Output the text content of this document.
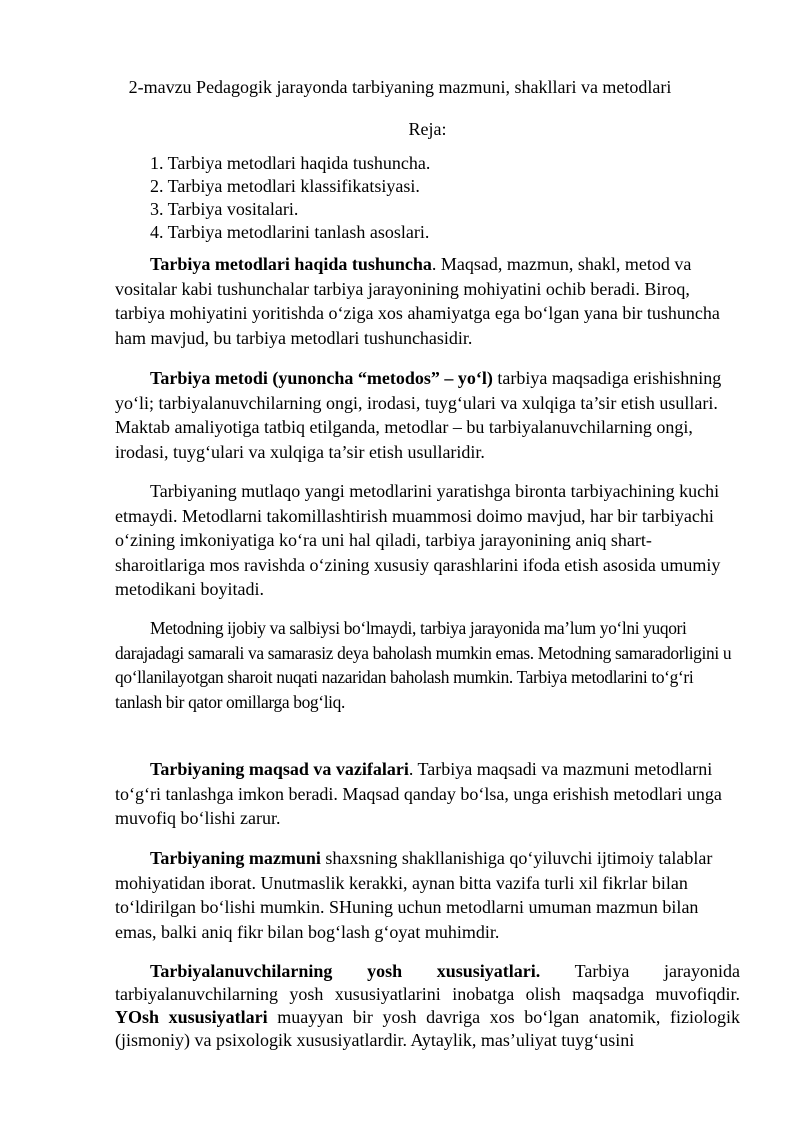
2-mavzu Pedagogik jarayonda tarbiyaning mazmuni, shakllari va metodlari

Reja:

1. Tarbiya metodlari haqida tushuncha.
2. Tarbiya metodlari klassifikatsiyasi.
3. Tarbiya vositalari.
4. Tarbiya metodlarini tanlash asoslari.

Tarbiya metodlari haqida tushuncha. Maqsad, mazmun, shakl, metod va vositalar kabi tushunchalar tarbiya jarayonining mohiyatini ochib beradi. Biroq, tarbiya mohiyatini yoritishda o‘ziga xos ahamiyatga ega bo‘lgan yana bir tushuncha ham mavjud, bu tarbiya metodlari tushunchasidir.

Tarbiya metodi (yunoncha “metodos” – yo‘l) tarbiya maqsadiga erishishning yo‘li; tarbiyalanuvchilarning ongi, irodasi, tuyg‘ulari va xulqiga ta’sir etish usullari. Maktab amaliyotiga tatbiq etilganda, metodlar – bu tarbiyalanuvchilarning ongi, irodasi, tuyg‘ulari va xulqiga ta’sir etish usullaridir.

Tarbiyaning mutlaqo yangi metodlarini yaratishga bironta tarbiyachining kuchi etmaydi. Metodlarni takomillashtirish muammosi doimo mavjud, har bir tarbiyachi o‘zining imkoniyatiga ko‘ra uni hal qiladi, tarbiya jarayonining aniq shart-sharoitlariga mos ravishda o‘zining xususiy qarashlarini ifoda etish asosida umumiy metodikani boyitadi.

Metodning ijobiy va salbiysi bo‘lmaydi, tarbiya jarayonida ma’lum yo‘lni yuqori darajadagi samarali va samarasiz deya baholash mumkin emas. Metodning samaradorligini u qo‘llanilayotgan sharoit nuqati nazaridan baholash mumkin. Tarbiya metodlarini to‘g‘ri tanlash bir qator omillarga bog‘liq.

Tarbiyaning maqsad va vazifalari. Tarbiya maqsadi va mazmuni metodlarni to‘g‘ri tanlashga imkon beradi. Maqsad qanday bo‘lsa, unga erishish metodlari unga muvofiq bo‘lishi zarur.

Tarbiyaning mazmuni shaxsning shakllanishiga qo‘yiluvchi ijtimoiy talablar mohiyatidan iborat. Unutmaslik kerakki, aynan bitta vazifa turli xil fikrlar bilan to‘ldirilgan bo‘lishi mumkin. SHuning uchun metodlarni umuman mazmun bilan emas, balki aniq fikr bilan bog‘lash g‘oyat muhimdir.

Tarbiyalanuvchilarning yosh xususiyatlari. Tarbiya jarayonida tarbiyalanuvchilarning yosh xususiyatlarini inobatga olish maqsadga muvofiqdir. YOsh xususiyatlari muayyan bir yosh davriga xos bo‘lgan anatomik, fiziologik (jismoniy) va psixologik xususiyatlardir. Aytaylik, mas’uliyat tuyg‘usini
